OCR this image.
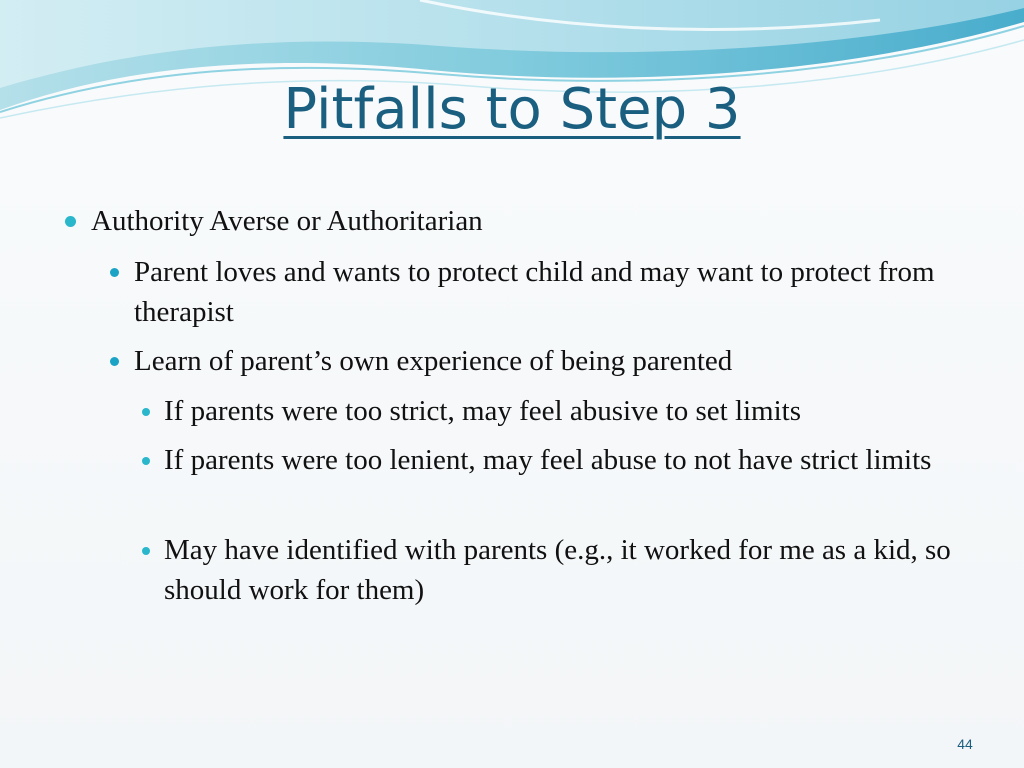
Pitfalls to Step 3
Authority Averse or Authoritarian
Parent loves and wants to protect child and may want to protect from therapist
Learn of parent’s own experience of being parented
If parents were too strict, may feel abusive to set limits
If parents were too lenient, may feel abuse to not have strict limits
May have identified with parents (e.g., it worked for me as a kid, so should work for them)
44
